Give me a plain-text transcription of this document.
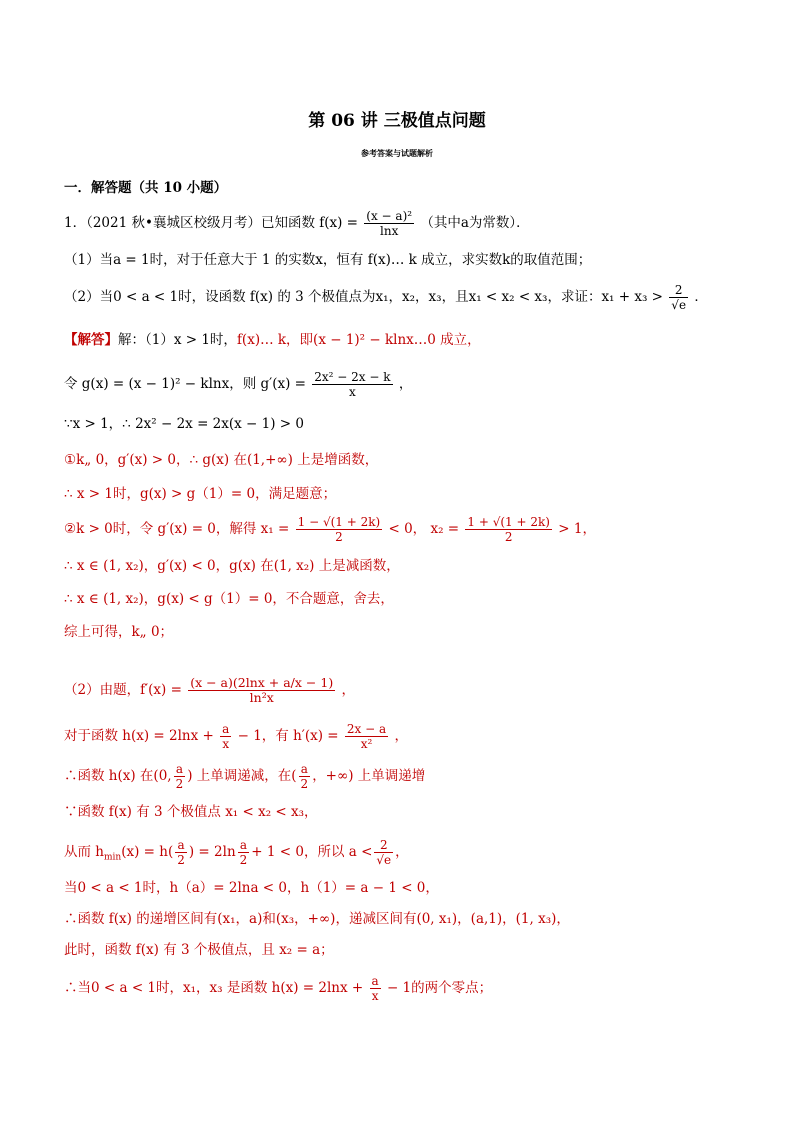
第 06 讲 三极值点问题
参考答案与试题解析
一．解答题（共 10 小题）
1．（2021 秋•襄城区校级月考）已知函数 $f(x) = \frac{\text{(x − a)²}}{\ln x}$ （其中a为常数）．
（1）当a = 1时，对于任意大于 1 的实数x，恒有 f(x)… k 成立，求实数k的取值范围；
（2）当0 < a < 1时，设函数 f(x) 的 3 个极值点为x₁，x₂，x₃，且x₁ < x₂ < x₃，求证：$x_1 + x_3 > \frac{2}{√e}$ ．
【解答】解：（1）x > 1时，f(x)… k，即(x − 1)² − klnx…0 成立，
令 g(x) = (x − 1)² − klnx，则 $g'(x) = \frac{\text{2x² − 2x − k}}{x}$ ，
∵x > 1，∴ 2x² − 2x = 2x(x − 1) > 0
①k„ 0，g′(x) > 0，∴ g(x) 在(1,+∞) 上是增函数，
∴ x > 1时，g(x) > g（1）= 0，满足题意；
②k > 0时，令 g′(x) = 0，解得 $x_1 = \frac{1 - √(1 + 2k)}{2} < 0$， $x_2 = \frac{1 + √(1 + 2k)}{2} > 1$，
∴ x ∈ (1, x₂)，g′(x) < 0，g(x) 在(1, x₂) 上是减函数，
∴ x ∈ (1, x₂)，g(x) < g（1）= 0，不合题意，舍去，
综上可得，k„ 0；
（2）由题，$f'(x) = \frac{(x - a)(2\ln x + a/x - 1)}{\text{ln²x}}$ ，
对于函数 $h(x) = 2\ln x + \frac{a}{x} - 1$，有 $h'(x) = \frac{2x - a}{\text{x²}}$ ，
∴函数 h(x) 在(0, $\frac{a}{2}$ ) 上单调递减，在( $\frac{a}{2}$ ，+∞) 上单调递增
∵函数 f(x) 有 3 个极值点 x₁ < x₂ < x₃，
从而 $h_{min}(x) = h( \frac{a}{2}$ ) = $2\ln \frac{a}{2} + 1 < 0$，所以 $a < \frac{2}{√e}$ ，
当0 < a < 1时，h（a）= 2lna < 0，h（1）= a − 1 < 0，
∴函数 f(x) 的递增区间有(x₁，a)和(x₃，+∞)，递减区间有(0, x₁)，(a,1)，(1, x₃)，
此时，函数 f(x) 有 3 个极值点，且 x₂ = a；
∴当0 < a < 1时，x₁，x₃ 是函数 $h(x) = 2\ln x + \frac{a}{x} - 1$的两个零点；
